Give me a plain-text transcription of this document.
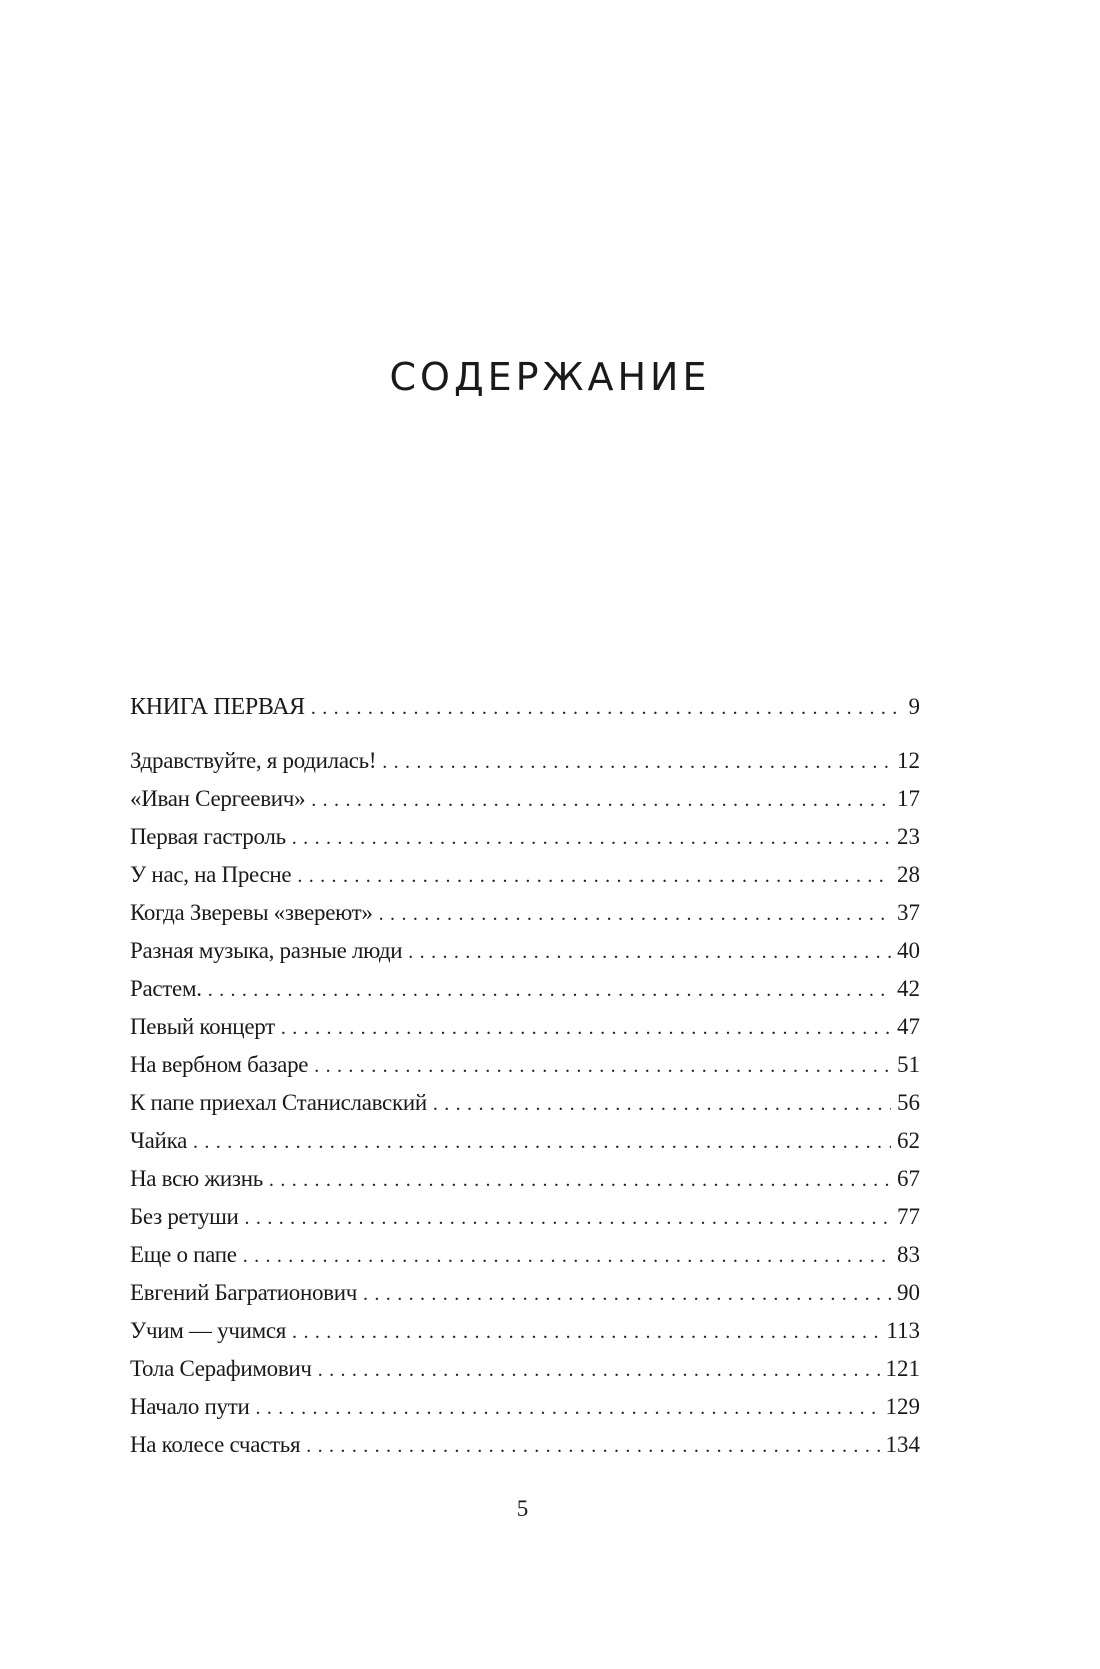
СОДЕРЖАНИЕ
КНИГА ПЕРВАЯ . . .	9
Здравствуйте, я родилась! . . .	12
«Иван Сергеевич» . . .	17
Первая гастроль . . .	23
У нас, на Пресне . . .	28
Когда Зверевы «звереют» . . .	37
Разная музыка, разные люди . . .	40
Растем. . . .	42
Певый концерт . . .	47
На вербном базаре . . .	51
К папе приехал Станиславский . . .	56
Чайка . . .	62
На всю жизнь . . .	67
Без ретуши . . .	77
Еще о папе . . .	83
Евгений Багратионович . . .	90
Учим — учимся . . .	113
Тола Серафимович . . .	121
Начало пути . . .	129
На колесе счастья . . .	134
5
